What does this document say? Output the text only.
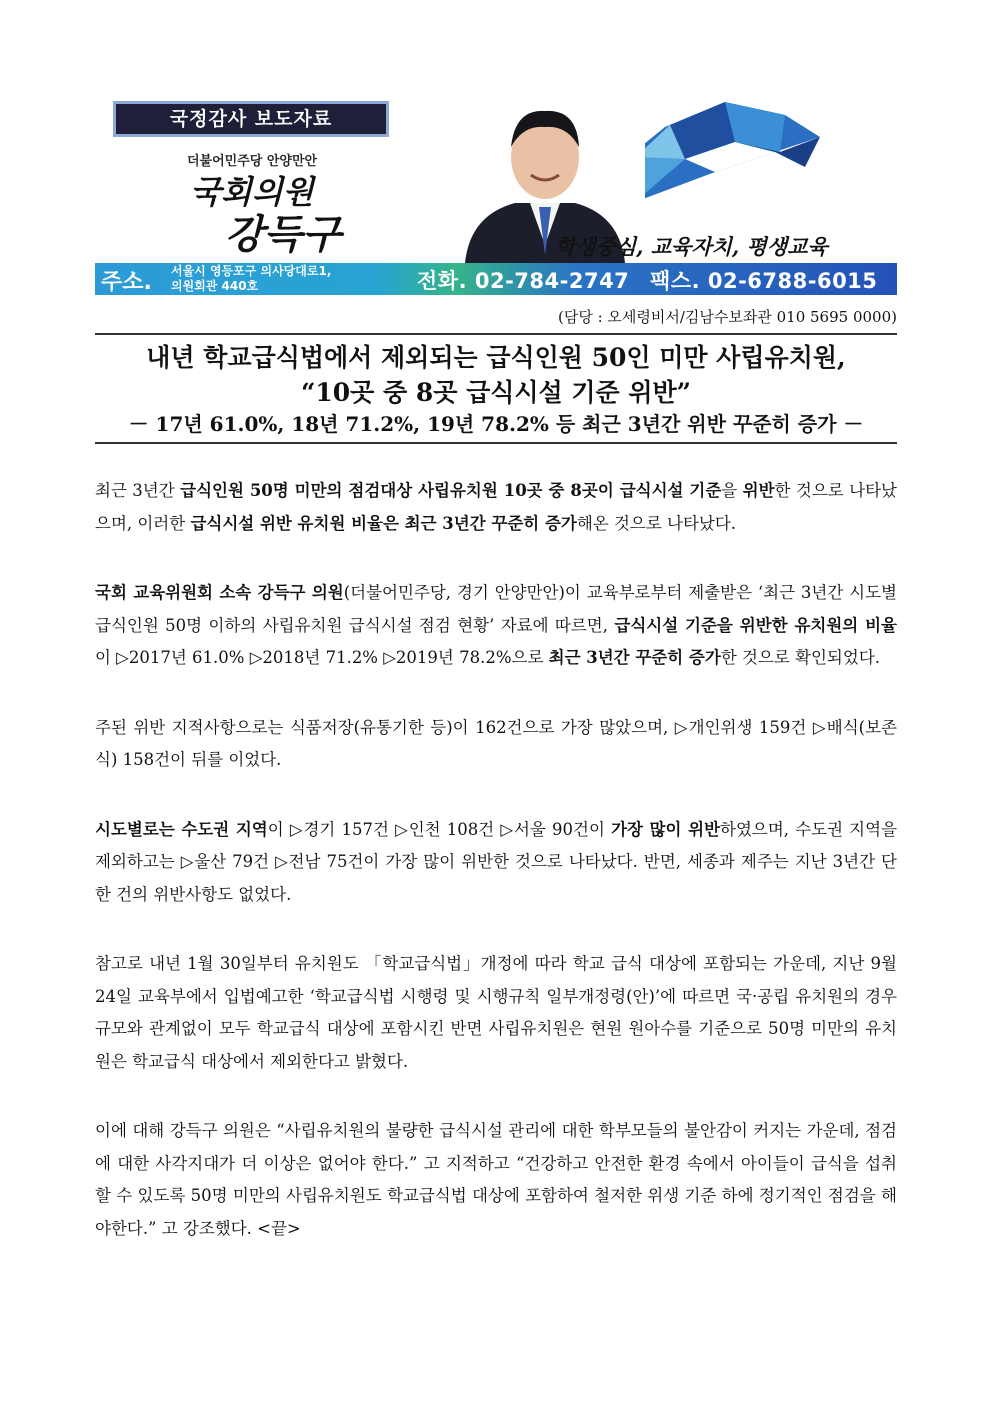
국정감사 보도자료
더불어민주당 안양만안
국회의원
강득구	학생중심, 교육자치, 평생교육
주소. 서울시 영등포구 의사당대로1,
의원회관 440호	전화. 02-784-2747 팩스. 02-6788-6015
(담당 : 오세령비서/김남수보좌관 010 5695 0000)
내년 학교급식법에서 제외되는 급식인원 50인 미만 사립유치원,
“10곳 중 8곳 급식시설 기준 위반”
－ 17년 61.0%, 18년 71.2%, 19년 78.2% 등 최근 3년간 위반 꾸준히 증가 －

최근 3년간 급식인원 50명 미만의 점검대상 사립유치원 10곳 중 8곳이 급식시설 기준을 위반한 것으로 나타났으며, 이러한 급식시설 위반 유치원 비율은 최근 3년간 꾸준히 증가해온 것으로 나타났다.

국회 교육위원회 소속 강득구 의원(더불어민주당, 경기 안양만안)이 교육부로부터 제출받은 ‘최근 3년간 시도별 급식인원 50명 이하의 사립유치원 급식시설 점검 현황’ 자료에 따르면, 급식시설 기준을 위반한 유치원의 비율이 ▷2017년 61.0% ▷2018년 71.2% ▷2019년 78.2%으로 최근 3년간 꾸준히 증가한 것으로 확인되었다.

주된 위반 지적사항으로는 식품저장(유통기한 등)이 162건으로 가장 많았으며, ▷개인위생 159건 ▷배식(보존식) 158건이 뒤를 이었다.

시도별로는 수도권 지역이 ▷경기 157건 ▷인천 108건 ▷서울 90건이 가장 많이 위반하였으며, 수도권 지역을 제외하고는 ▷울산 79건 ▷전남 75건이 가장 많이 위반한 것으로 나타났다. 반면, 세종과 제주는 지난 3년간 단 한 건의 위반사항도 없었다.

참고로 내년 1월 30일부터 유치원도 「학교급식법」개정에 따라 학교 급식 대상에 포함되는 가운데, 지난 9월24일 교육부에서 입법예고한 ‘학교급식법 시행령 및 시행규칙 일부개정령(안)’에 따르면 국·공립 유치원의 경우 규모와 관계없이 모두 학교급식 대상에 포함시킨 반면 사립유치원은 현원 원아수를 기준으로 50명 미만의 유치원은 학교급식 대상에서 제외한다고 밝혔다.

이에 대해 강득구 의원은 “사립유치원의 불량한 급식시설 관리에 대한 학부모들의 불안감이 커지는 가운데, 점검에 대한 사각지대가 더 이상은 없어야 한다.” 고 지적하고 “건강하고 안전한 환경 속에서 아이들이 급식을 섭취할 수 있도록 50명 미만의 사립유치원도 학교급식법 대상에 포함하여 철저한 위생 기준 하에 정기적인 점검을 해야한다.” 고 강조했다. <끝>
